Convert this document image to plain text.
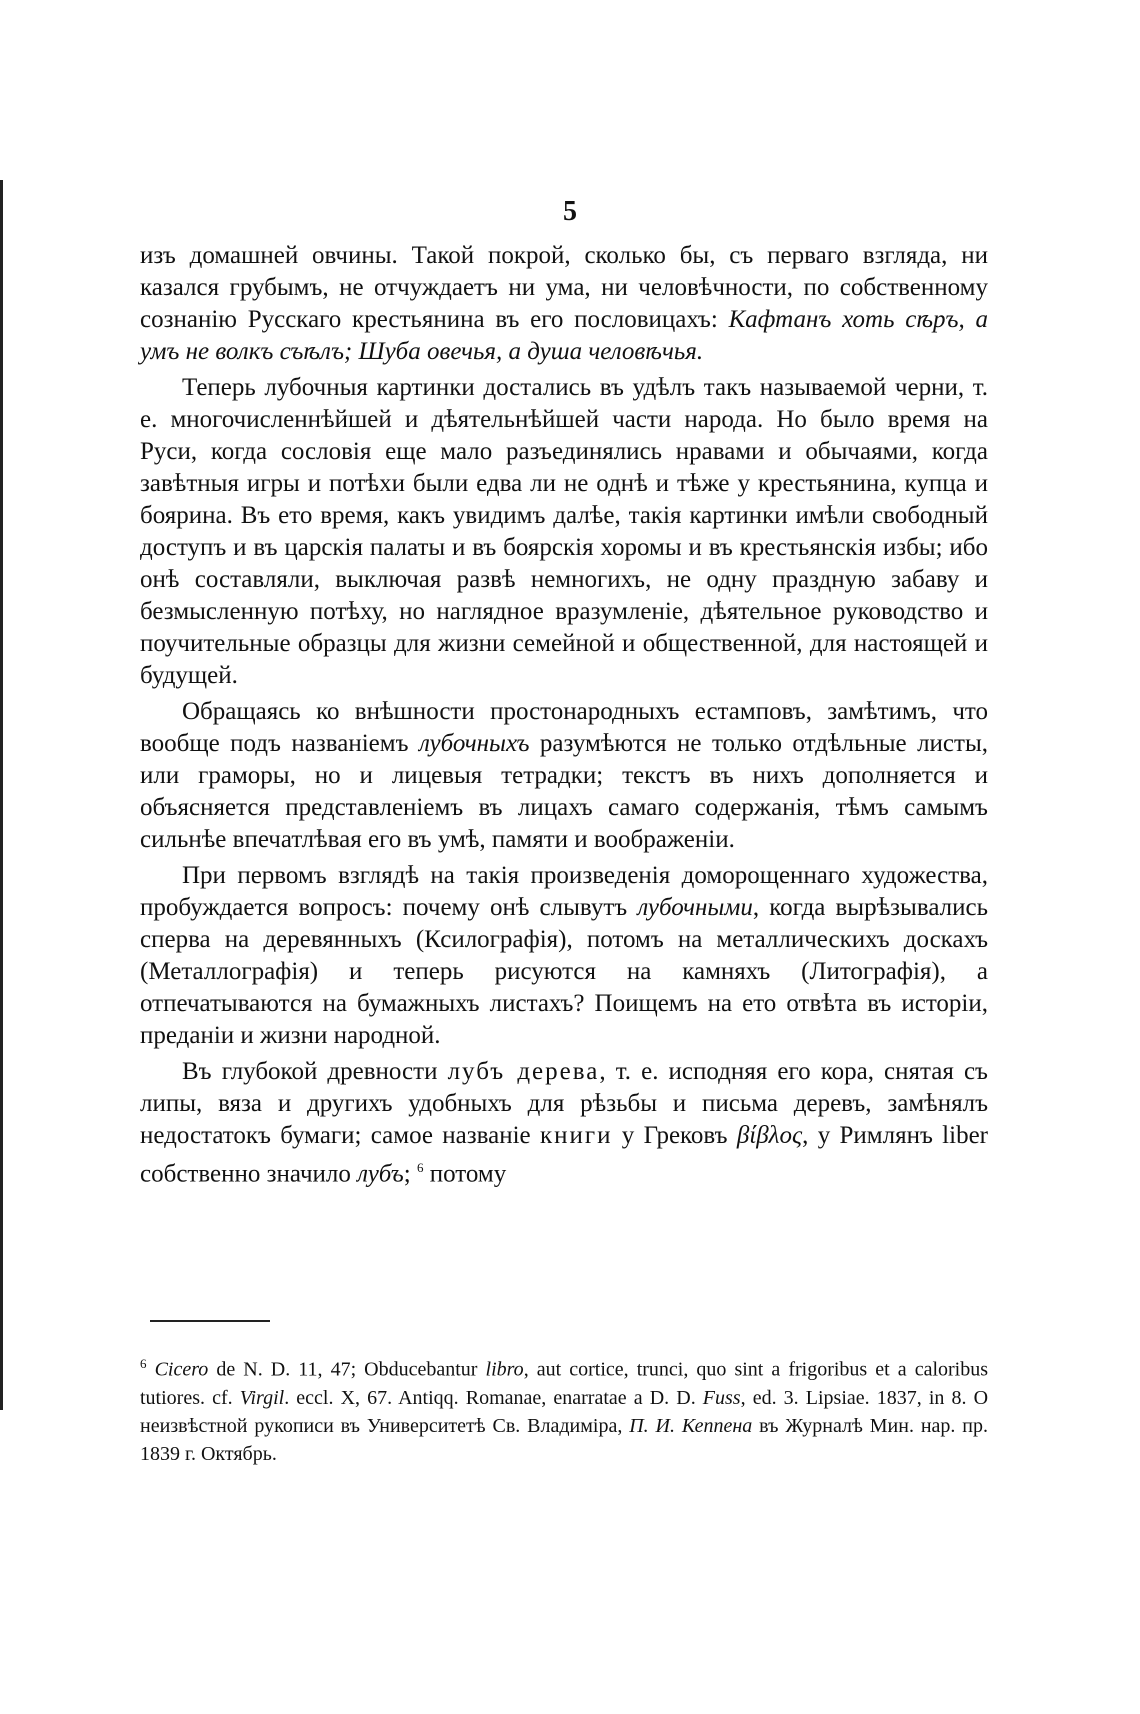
5

изъ домашней овчины. Такой покрой, сколько бы, съ перваго взгляда, ни казался грубымъ, не отчуждаетъ ни ума, ни человѣчности, по собственному сознанію Русскаго крестьянина въ его пословицахъ: Кафтанъ хоть сѣръ, а умъ не волкъ съѣлъ; Шуба овечья, а душа человѣчья.

Теперь лубочныя картинки достались въ удѣлъ такъ называемой черни, т. е. многочисленнѣйшей и дѣятельнѣйшей части народа. Но было время на Руси, когда сословія еще мало разъединялись нравами и обычаями, когда завѣтныя игры и потѣхи были едва ли не однѣ и тѣже у крестьянина, купца и боярина. Въ ето время, какъ увидимъ далѣе, такія картинки имѣли свободный доступъ и въ царскія палаты и въ боярскія хоромы и въ крестьянскія избы; ибо онѣ составляли, выключая развѣ немногихъ, не одну праздную забаву и безмысленную потѣху, но наглядное вразумленіе, дѣятельное руководство и поучительные образцы для жизни семейной и общественной, для настоящей и будущей.

Обращаясь ко внѣшности простонародныхъ естамповъ, замѣтимъ, что вообще подъ названіемъ лубочныхъ разумѣются не только отдѣльные листы, или граморы, но и лицевыя тетрадки; текстъ въ нихъ дополняется и объясняется представленіемъ въ лицахъ самаго содержанія, тѣмъ самымъ сильнѣе впечатлѣвая его въ умѣ, памяти и воображеніи.

При первомъ взглядѣ на такія произведенія доморощеннаго художества, пробуждается вопросъ: почему онѣ слывутъ лубочными, когда вырѣзывались сперва на деревянныхъ (Ксилографія), потомъ на металлическихъ доскахъ (Металлографія) и теперь рисуются на камняхъ (Литографія), а отпечатываются на бумажныхъ листахъ? Поищемъ на ето отвѣта въ исторіи, преданіи и жизни народной.

Въ глубокой древности лубъ дерева, т. е. исподняя его кора, снятая съ липы, вяза и другихъ удобныхъ для рѣзьбы и письма деревъ, замѣнялъ недостатокъ бумаги; самое названіе книги у Грековъ βίβλος, у Римлянъ liber собственно значило лубъ; $^6$ потому

$^6$ Cicero de N. D. 11, 47; Obducebantur libro, aut cortice, trunci, quo sint a frigoribus et a caloribus tutiores. cf. Virgil. eccl. X, 67. Antiqq. Romanae, enarratae a D. D. Fuss, ed. 3. Lipsiae. 1837, in 8. О неизвѣстной рукописи въ Университетѣ Св. Владиміра, П. И. Кеппена въ Журналѣ Мин. нар. пр. 1839 г. Октябрь.
